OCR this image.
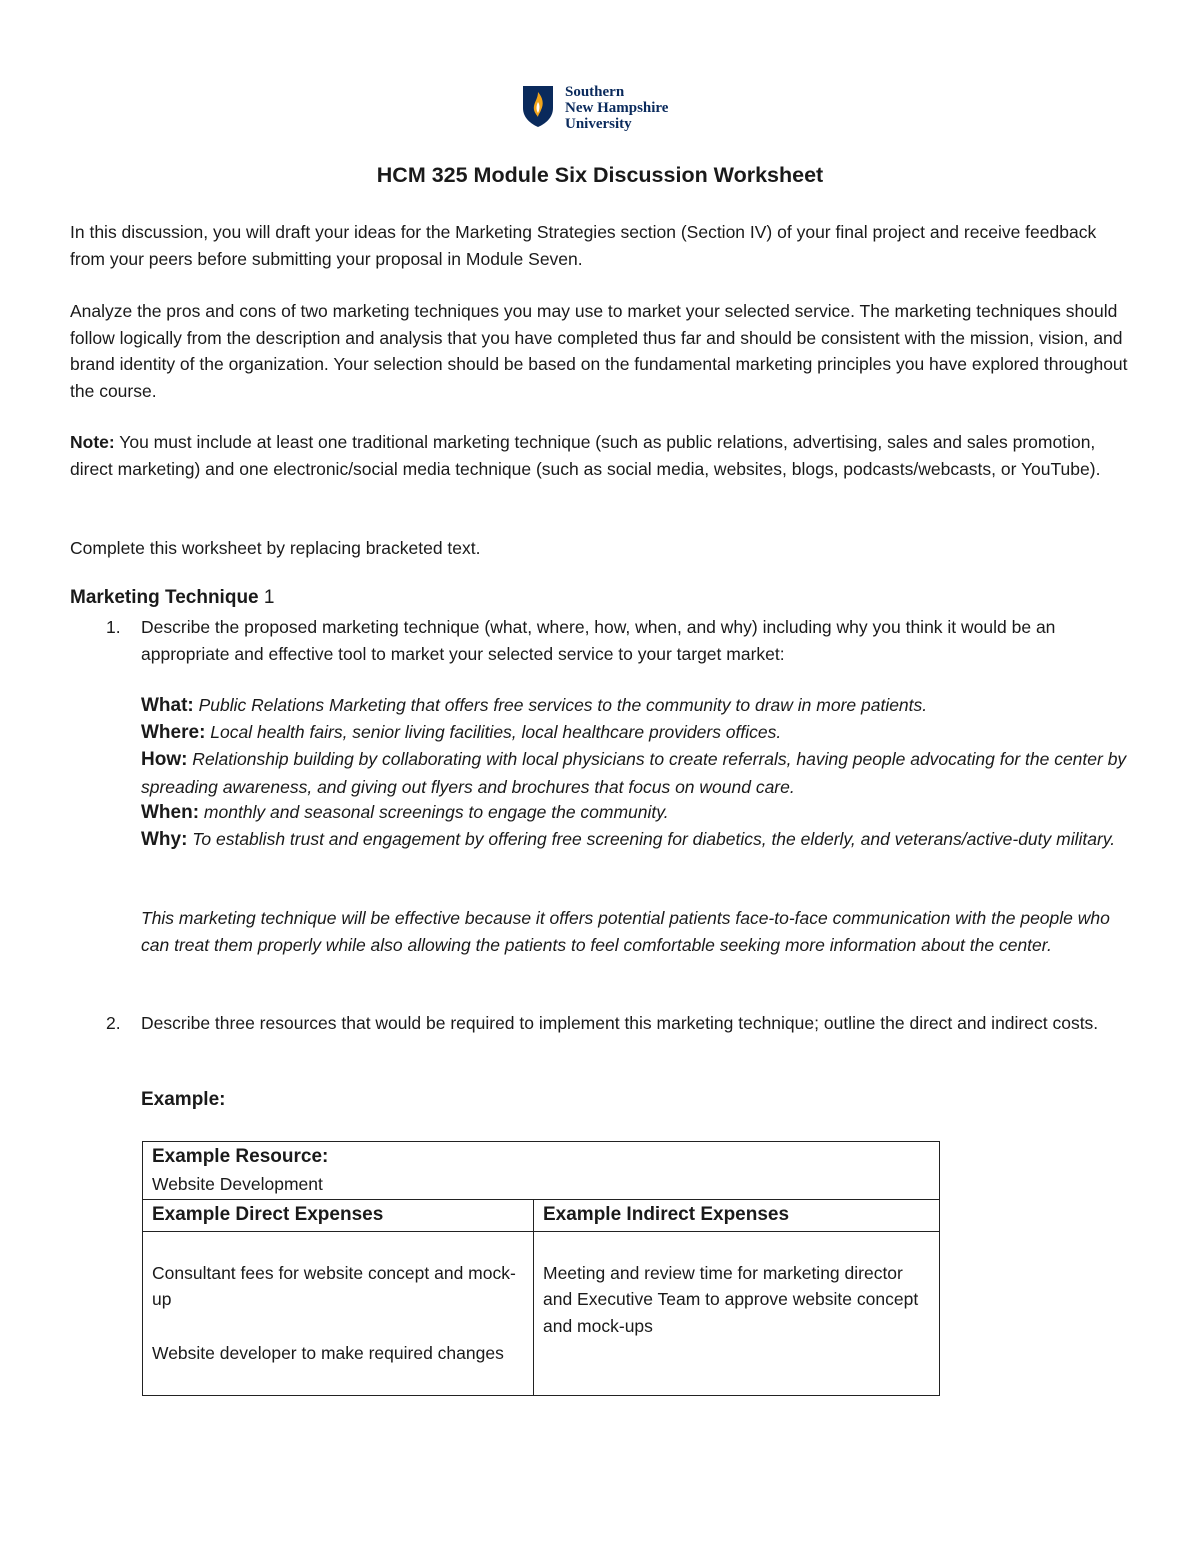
Southern
New Hampshire
University
HCM 325 Module Six Discussion Worksheet

In this discussion, you will draft your ideas for the Marketing Strategies section (Section IV) of your final project and receive feedback from your peers before submitting your proposal in Module Seven.

Analyze the pros and cons of two marketing techniques you may use to market your selected service. The marketing techniques should follow logically from the description and analysis that you have completed thus far and should be consistent with the mission, vision, and brand identity of the organization. Your selection should be based on the fundamental marketing principles you have explored throughout the course.

Note: You must include at least one traditional marketing technique (such as public relations, advertising, sales and sales promotion, direct marketing) and one electronic/social media technique (such as social media, websites, blogs, podcasts/webcasts, or YouTube).

Complete this worksheet by replacing bracketed text.

Marketing Technique 1
1. Describe the proposed marketing technique (what, where, how, when, and why) including why you think it would be an appropriate and effective tool to market your selected service to your target market:
What: Public Relations Marketing that offers free services to the community to draw in more patients.
Where: Local health fairs, senior living facilities, local healthcare providers offices.
How: Relationship building by collaborating with local physicians to create referrals, having people advocating for the center by spreading awareness, and giving out flyers and brochures that focus on wound care.
When: monthly and seasonal screenings to engage the community.
Why: To establish trust and engagement by offering free screening for diabetics, the elderly, and veterans/active-duty military.
This marketing technique will be effective because it offers potential patients face-to-face communication with the people who can treat them properly while also allowing the patients to feel comfortable seeking more information about the center.
2. Describe three resources that would be required to implement this marketing technique; outline the direct and indirect costs.
Example:
Example Resource:
Website Development	

Example Direct Expenses	Example Indirect Expenses

Consultant fees for website concept and mock-up
Website developer to make required changes	Meeting and review time for marketing director and Executive Team to approve website concept and mock-ups
